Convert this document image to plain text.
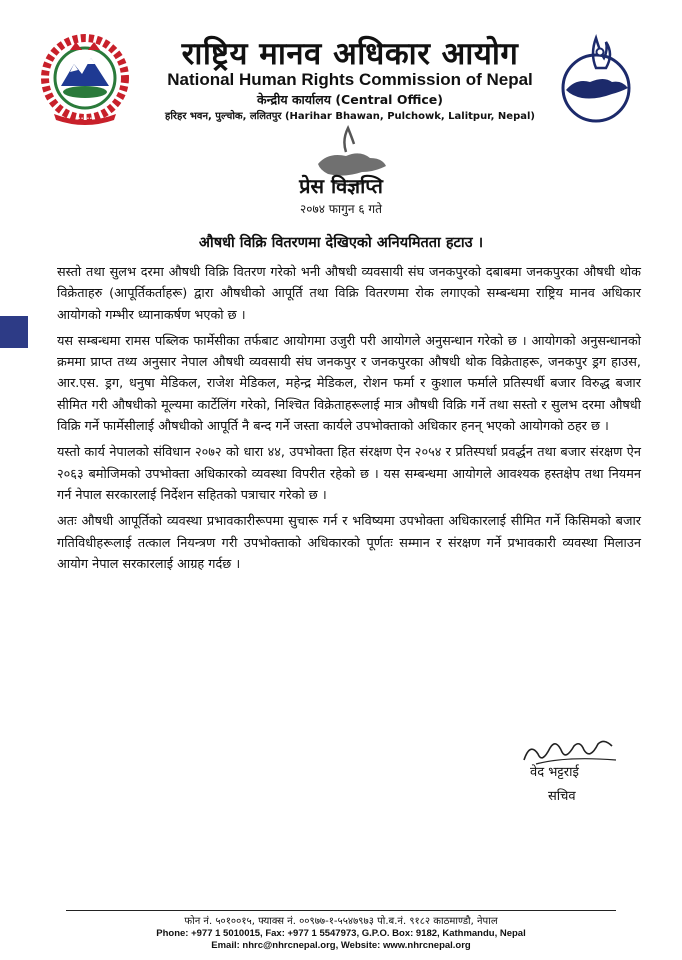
•••••
राष्ट्रिय मानव अधिकार आयोग
National Human Rights Commission of Nepal
केन्द्रीय कार्यालय (Central Office)
हरिहर भवन, पुल्चोक, ललितपुर (Harihar Bhawan, Pulchowk, Lalitpur, Nepal)
प्रेस विज्ञप्ति
२०७४ फागुन ६ गते
औषधी विक्रि वितरणमा देखिएको अनियमितता हटाउ ।

सस्तो तथा सुलभ दरमा औषधी विक्रि वितरण गरेको भनी औषधी व्यवसायी संघ जनकपुरको दबाबमा जनकपुरका औषधी थोक विक्रेताहरु (आपूर्तिकर्ताहरू) द्वारा औषधीको आपूर्ति तथा विक्रि वितरणमा रोक लगाएको सम्बन्धमा राष्ट्रिय मानव अधिकार आयोगको गम्भीर ध्यानाकर्षण भएको छ ।

यस सम्बन्धमा रामस पब्लिक फार्मेसीका तर्फबाट आयोगमा उजुरी परी आयोगले अनुसन्धान गरेको छ । आयोगको अनुसन्धानको क्रममा प्राप्त तथ्य अनुसार नेपाल औषधी व्यवसायी संघ जनकपुर र जनकपुरका औषधी थोक विक्रेताहरू, जनकपुर ड्रग हाउस, आर.एस. ड्रग, धनुषा मेडिकल, राजेश मेडिकल, महेन्द्र मेडिकल, रोशन फर्मा र कुशाल फर्माले प्रतिस्पर्धी बजार विरुद्ध बजार सीमित गरी औषधीको मूल्यमा कार्टेलिंग गरेको, निश्चित विक्रेताहरूलाई मात्र औषधी विक्रि गर्ने तथा सस्तो र सुलभ दरमा औषधी विक्रि गर्ने फार्मेसीलाई औषधीको आपूर्ति नै बन्द गर्ने जस्ता कार्यले उपभोक्ताको अधिकार हनन् भएको आयोगको ठहर छ ।

यस्तो कार्य नेपालको संविधान २०७२ को धारा ४४, उपभोक्ता हित संरक्षण ऐन २०५४ र प्रतिस्पर्धा प्रवर्द्धन तथा बजार संरक्षण ऐन २०६३ बमोजिमको उपभोक्ता अधिकारको व्यवस्था विपरीत रहेको छ । यस सम्बन्धमा आयोगले आवश्यक हस्तक्षेप तथा नियमन गर्न नेपाल सरकारलाई निर्देशन सहितको पत्राचार गरेको छ ।

अतः औषधी आपूर्तिको व्यवस्था प्रभावकारीरूपमा सुचारू गर्न र भविष्यमा उपभोक्ता अधिकारलाई सीमित गर्ने किसिमको बजार गतिविधीहरूलाई तत्काल नियन्त्रण गरी उपभोक्ताको अधिकारको पूर्णतः सम्मान र संरक्षण गर्ने प्रभावकारी व्यवस्था मिलाउन आयोग नेपाल सरकारलाई आग्रह गर्दछ ।

वेद भट्टराई
सचिव
फोन नं. ५०१००१५, फ्याक्स नं. ००९७७-१-५५४७९७३ पो.ब.नं. ९१८२ काठमाण्डौ, नेपाल
Phone: +977 1 5010015, Fax: +977 1 5547973, G.P.O. Box: 9182, Kathmandu, Nepal
Email: nhrc@nhrcnepal.org, Website: www.nhrcnepal.org
